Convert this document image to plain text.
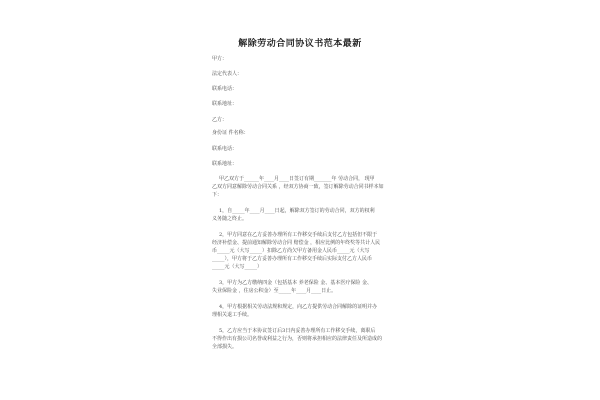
解除劳动合同协议书范本最新
甲方：
法定代表人：
联系电话：
联系地址：
乙方：
身份证 件名称：
联系电话：
联系地址：
甲乙双方于______年____月____日签订有期_______年 劳动合同， 现甲
乙双方同意解除劳动合同关系 ，经双方协商一致，签订解除劳动合同书样本如
下：
1，自_____年____月____日起，解除双方签订的劳动合同，双方的权利
义务随之终止。
2，甲方同意在乙方妥善办理所有工作移交手续后支付乙方包括但不限于
经济补偿金、提前通知解除劳动合同 赔偿金 ，相应比例的年终奖等共计人民
币_____元（大写_____）扣除乙方尚欠甲方备用金人民币_____元（大写
_____），甲方将于乙方妥善办理所有工作移交手续后实际支付乙方人民币
_____元（大写_____）
3，甲方为乙方缴纳四金（包括基本 养老保险 金、基本医疗保险 金、
失业保险金 ，住房公积金）至_____年____月____日止。
4，甲方根据相关劳动法规和规定，向乙方提供劳动合同解除的证明并办
理相关退工手续。
5，乙方应当于本协议签订后3日内妥善办理所有工作移交手续，离职后
不得作出有损公司名誉或利益之行为，否则将承担相应的法律责任及所造成的
全部损失。
